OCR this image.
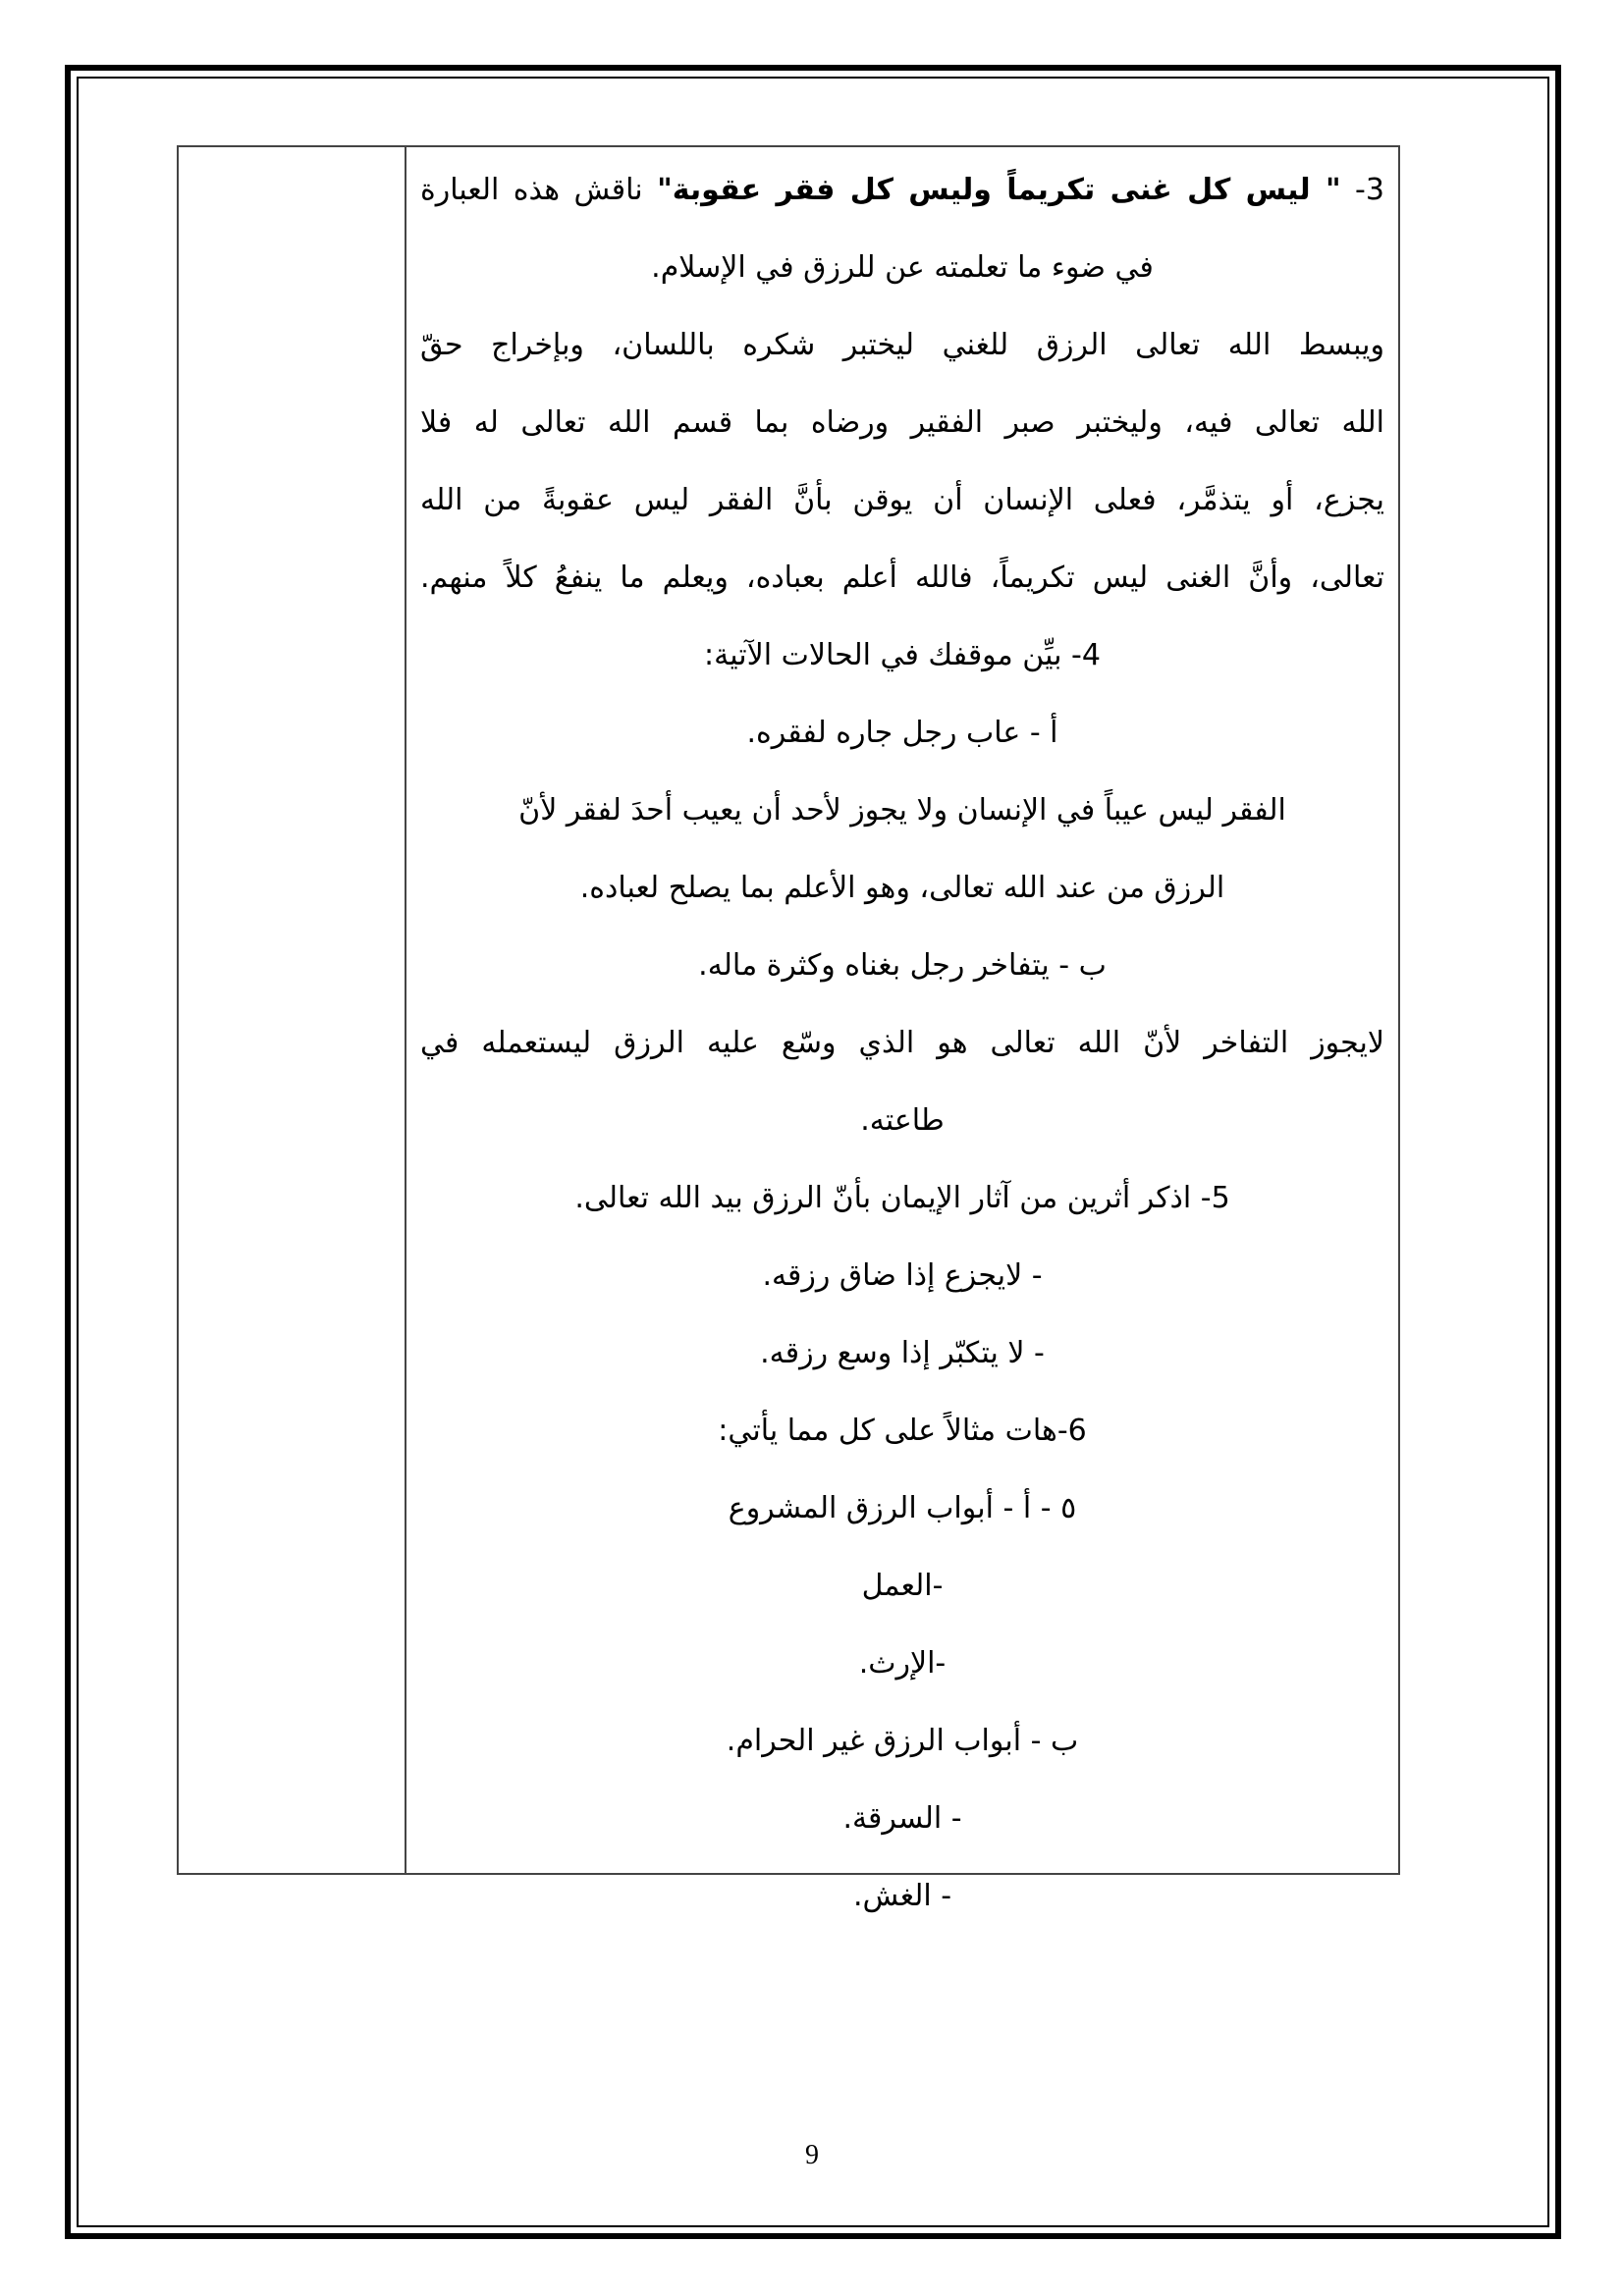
3- " ليس كل غنى تكريماً وليس كل فقر عقوبة" ناقش هذه العبارة
في ضوء ما تعلمته عن للرزق في الإسلام.
ويبسط الله تعالى الرزق للغني ليختبر شكره باللسان، وبإخراج حقّ
الله تعالى فيه، وليختبر صبر الفقير ورضاه بما قسم الله تعالى له فلا
يجزع، أو يتذمَّر، فعلى الإنسان أن يوقن بأنَّ الفقر ليس عقوبةً من الله
تعالى، وأنَّ الغنى ليس تكريماً، فالله أعلم بعباده، ويعلم ما ينفعُ كلاً منهم.
4- بيِّن موقفك في الحالات الآتية:
أ - عاب رجل جاره لفقره.
الفقر ليس عيباً في الإنسان ولا يجوز لأحد أن يعيب أحدَ لفقر لأنّ
الرزق من عند الله تعالى، وهو الأعلم بما يصلح لعباده.
ب - يتفاخر رجل بغناه وكثرة ماله.
لايجوز التفاخر لأنّ الله تعالى هو الذي وسّع عليه الرزق ليستعمله في
طاعته.
5- اذكر أثرين من آثار الإيمان بأنّ الرزق بيد الله تعالى.
- لايجزع إذا ضاق رزقه.
- لا يتكبّر إذا وسع رزقه.
6-هات مثالاً على كل مما يأتي:
٥ - أ - أبواب الرزق المشروع
-العمل
-الإرث.
ب - أبواب الرزق غير الحرام.
- السرقة.
- الغش.
9
